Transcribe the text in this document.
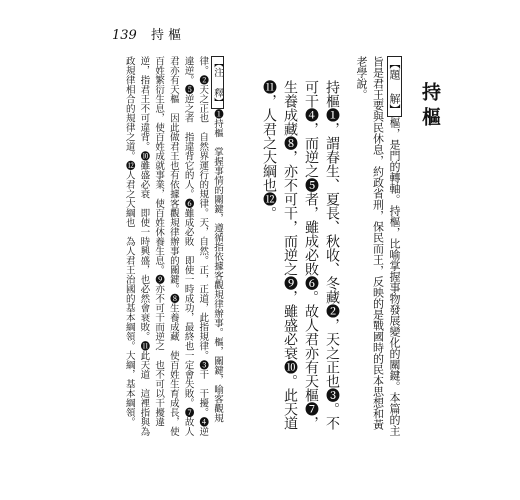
139 持 樞
持樞
【題 解】樞，是門的轉軸。持樞，比喻掌握事物發展變化的關鍵。本篇的主旨是君王要與民休息，約政省刑，保民而王，反映的是戰國時的民本思想和黃老學說。
持樞❶，謂春生、夏長、秋收、冬藏❷，天之正也❸。不可干❹，而逆之❺者，雖成必敗❻。故人君亦有天樞❼，生養成藏❽，亦不可干，而逆之❾，雖盛必衰❿。此天道⓫，人君之大綱也⓬。
【注 釋】❶持樞　掌握事情的關鍵，遵循指依據客觀規律辦事。樞，關鍵，喻客觀規律。❷天之正也　自然界運行的規律。天，自然。正，正道，此指規律。❸干　干擾。❹逆　違逆。❺逆之者　指違背它的人。❻雖成必敗　即使一時成功，最終也一定會失敗。❼故人君亦有天樞　因此做君王也有依據客觀規律辦事的關鍵。❽生養成藏　使百姓生育成長，使百姓繁衍生息，使百姓成就事業，使百姓休養生息。❾亦不可干而逆之　也不可以干擾違逆，指君王不可違背。❿雖盛必衰　即使一時興盛，也必然會衰敗。⓫此天道　這裡指與為政規律相合的規律之道。⓬人君之大綱也　為人君王治國的基本綱領。大綱，基本綱領。
